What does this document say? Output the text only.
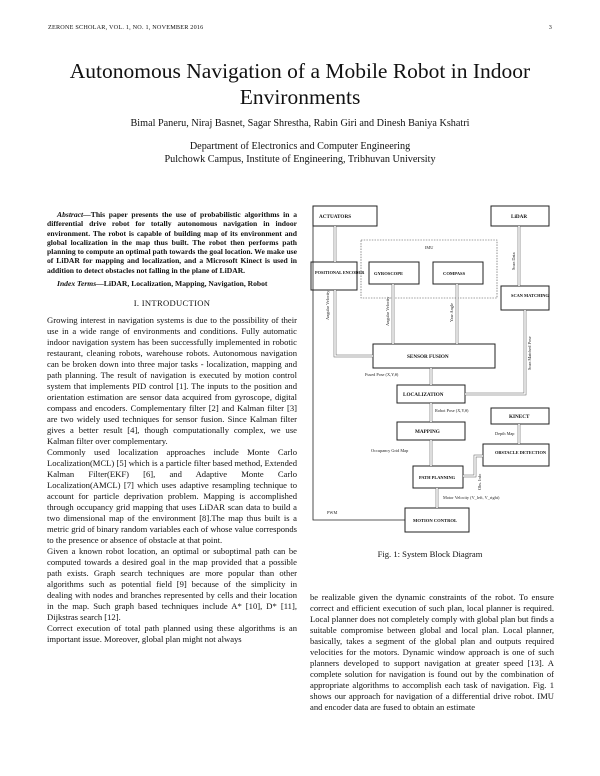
ZERONE SCHOLAR, VOL. 1, NO. 1, NOVEMBER 2016	3
Autonomous Navigation of a Mobile Robot in Indoor Environments
Bimal Paneru, Niraj Basnet, Sagar Shrestha, Rabin Giri and Dinesh Baniya Kshatri
Department of Electronics and Computer Engineering
Pulchowk Campus, Institute of Engineering, Tribhuvan University

Abstract—This paper presents the use of probabilistic algorithms in a differential drive robot for totally autonomous navigation in indoor environment. The robot is capable of building map of its environment and global localization in the map thus built. The robot then performs path planning to compute an optimal path towards the goal location. We make use of LiDAR for mapping and localization, and a Microsoft Kinect is used in addition to detect obstacles not falling in the plane of LiDAR.

Index Terms—LiDAR, Localization, Mapping, Navigation, Robot

I. INTRODUCTION

Growing interest in navigation systems is due to the possibility of their use in a wide range of environments and conditions. Fully automatic indoor navigation system has been successfully implemented in robotic restaurant, cleaning robots, warehouse robots. Autonomous navigation can be broken down into three major tasks - localization, mapping and path planning. The result of navigation is executed by motion control system that implements PID control [1]. The inputs to the position and orientation estimation are sensor data acquired from gyroscope, digital compass and encoders. Complementary filter [2] and Kalman filter [3] are two widely used techniques for sensor fusion. Since Kalman filter gives a better result [4], though computationally complex, we use Kalman filter over complementary.

Commonly used localization approaches include Monte Carlo Localization(MCL) [5] which is a particle filter based method, Extended Kalman Filter(EKF) [6], and Adaptive Monte Carlo Localization(AMCL) [7] which uses adaptive resampling technique to account for particle deprivation problem. Mapping is accomplished through occupancy grid mapping that uses LiDAR scan data to build a two dimensional map of the environment [8].The map thus built is a metric grid of binary random variables each of whose value corresponds to the presence or absence of obstacle at that point.

Given a known robot location, an optimal or suboptimal path can be computed towards a desired goal in the map provided that a possible path exists. Graph search techniques are more popular than other algorithms such as potential field [9] because of the simplicity in dealing with nodes and branches represented by cells and their location in the map. Such graph based techniques include A* [10], D* [11], Dijkstras search [12].

Correct execution of total path planned using these algorithms is an important issue. Moreover, global plan might not always

IMU
ACTUATORS	LiDAR
POSITIONAL ENCODER GYROSCOPE	COMPASS
SCAN MATCHING
SENSOR FUSION
LOCALIZATION
KINECT
MAPPING
OBSTACLE DETECTION
PATH PLANNING
MOTION CONTROL
Angular Velocity	Angular Velocity	Yaw Angle
Scan Data
Scan Matched Pose
Fused Pose (X,Y,θ)
Robot Pose (X,Y,θ)
Depth Map
Occupancy Grid Map
Obs. Info
Motor Velocity (V_left, V_right)
PWM
Fig. 1: System Block Diagram

be realizable given the dynamic constraints of the robot. To ensure correct and efficient execution of such plan, local planner is required. Local planner does not completely comply with global plan but finds a suitable compromise between global and local plan. Local planner, basically, takes a segment of the global plan and outputs required velocities for the motors. Dynamic window approach is one of such planners developed to support navigation at greater speed [13]. A complete solution for navigation is found out by the combination of appropriate algorithms to accomplish each task of navigation. Fig. 1 shows our approach for navigation of a differential drive robot. IMU and encoder data are fused to obtain an estimate
